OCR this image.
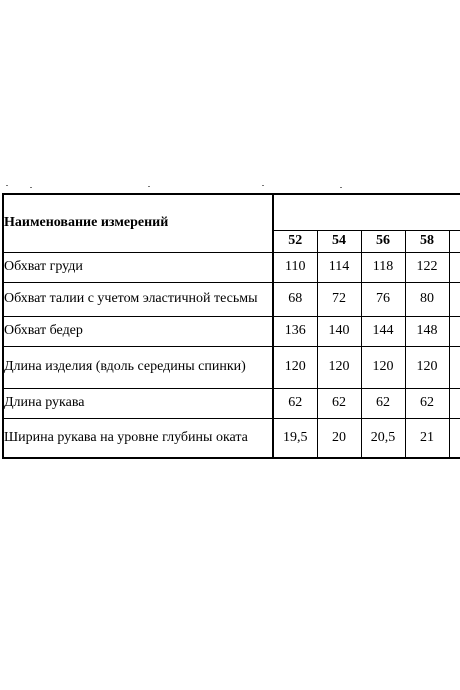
Наименование измерений					
	52	54	56	58	
Обхват груди	110	114	118	122	
Обхват талии с учетом эластичной тесьмы	68	72	76	80	
Обхват бедер	136	140	144	148	
Длина изделия (вдоль середины спинки)	120	120	120	120	
Длина рукава	62	62	62	62	
Ширина рукава на уровне глубины оката	19,5	20	20,5	21	
